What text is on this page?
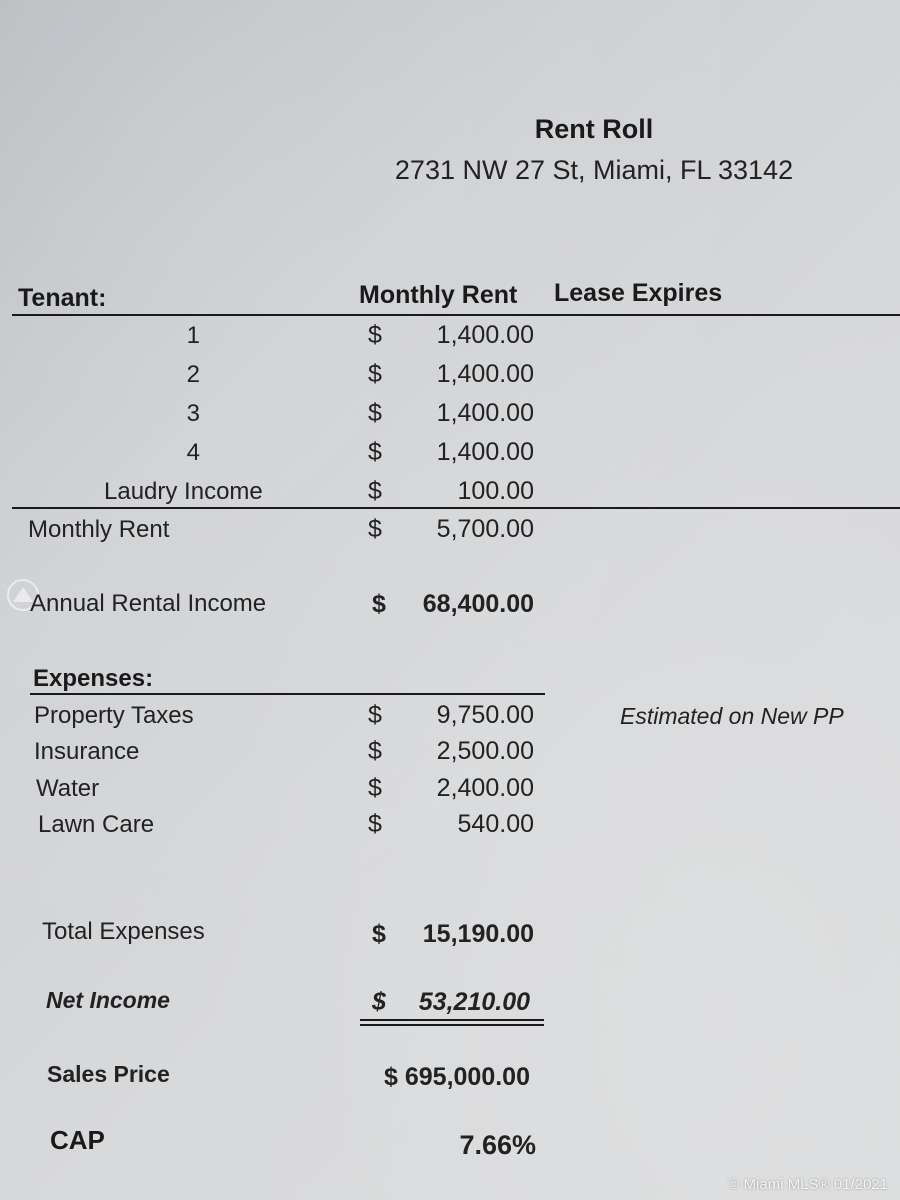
Rent Roll
2731 NW 27 St, Miami, FL 33142
Tenant:	Monthly Rent Lease Expires
1	$	1,400.00
2	$	1,400.00
3	$	1,400.00
4	$	1,400.00
Laudry Income	$	100.00
Monthly Rent	$	5,700.00
Annual Rental Income	$	68,400.00
Expenses:
Property Taxes	$	9,750.00	Estimated on New PP
Insurance	$	2,500.00
Water	$	2,400.00
Lawn Care	$	540.00
Total Expenses	$	15,190.00
Net Income	$	53,210.00
Sales Price	$ 695,000.00
CAP	7.66%
© Miami MLS® 01/2021
